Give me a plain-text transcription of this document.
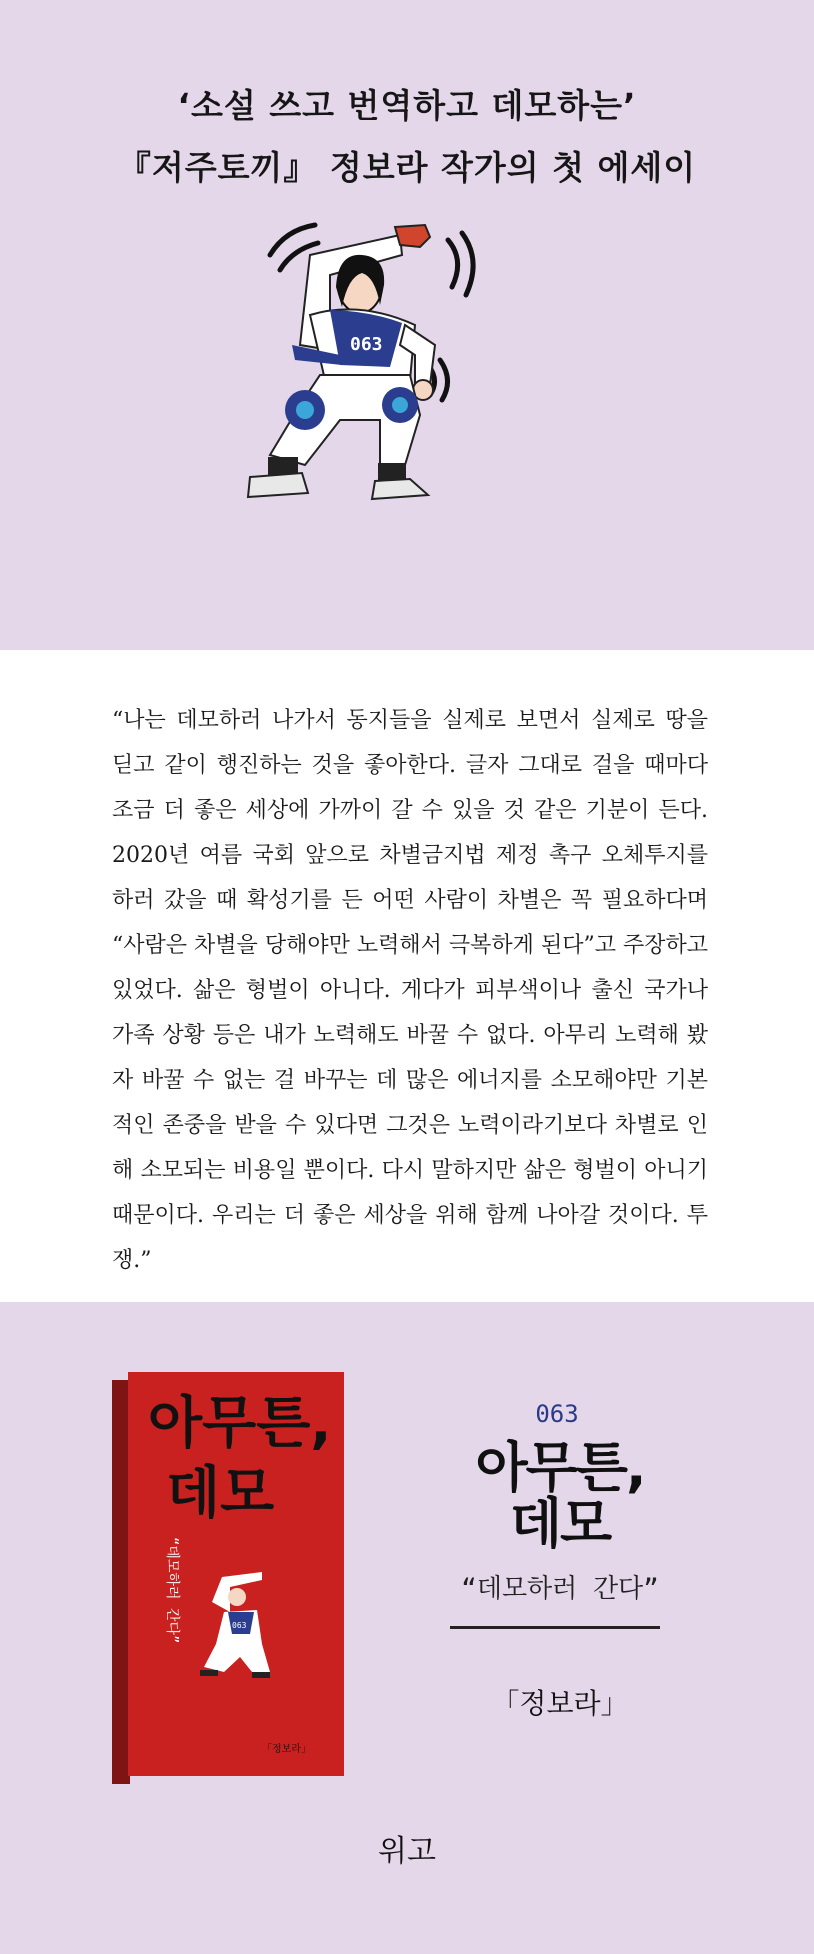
‘소설 쓰고 번역하고 데모하는’
『저주토끼』 정보라 작가의 첫 에세이
063

“나는 데모하러 나가서 동지들을 실제로 보면서 실제로 땅을 딛고 같이 행진하는 것을 좋아한다. 글자 그대로 걸을 때마다 조금 더 좋은 세상에 가까이 갈 수 있을 것 같은 기분이 든다. 2020년 여름 국회 앞으로 차별금지법 제정 촉구 오체투지를 하러 갔을 때 확성기를 든 어떤 사람이 차별은 꼭 필요하다며 “사람은 차별을 당해야만 노력해서 극복하게 된다”고 주장하고 있었다. 삶은 형벌이 아니다. 게다가 피부색이나 출신 국가나 가족 상황 등은 내가 노력해도 바꿀 수 없다. 아무리 노력해 봤자 바꿀 수 없는 걸 바꾸는 데 많은 에너지를 소모해야만 기본적인 존중을 받을 수 있다면 그것은 노력이라기보다 차별로 인해 소모되는 비용일 뿐이다. 다시 말하지만 삶은 형벌이 아니기 때문이다. 우리는 더 좋은 세상을 위해 함께 나아갈 것이다. 투쟁.”

아무튼,
데모
“데모하러 간다”	063
「정보라」
063
아무튼,
데모
“데모하러 간다”
「정보라」
위고
